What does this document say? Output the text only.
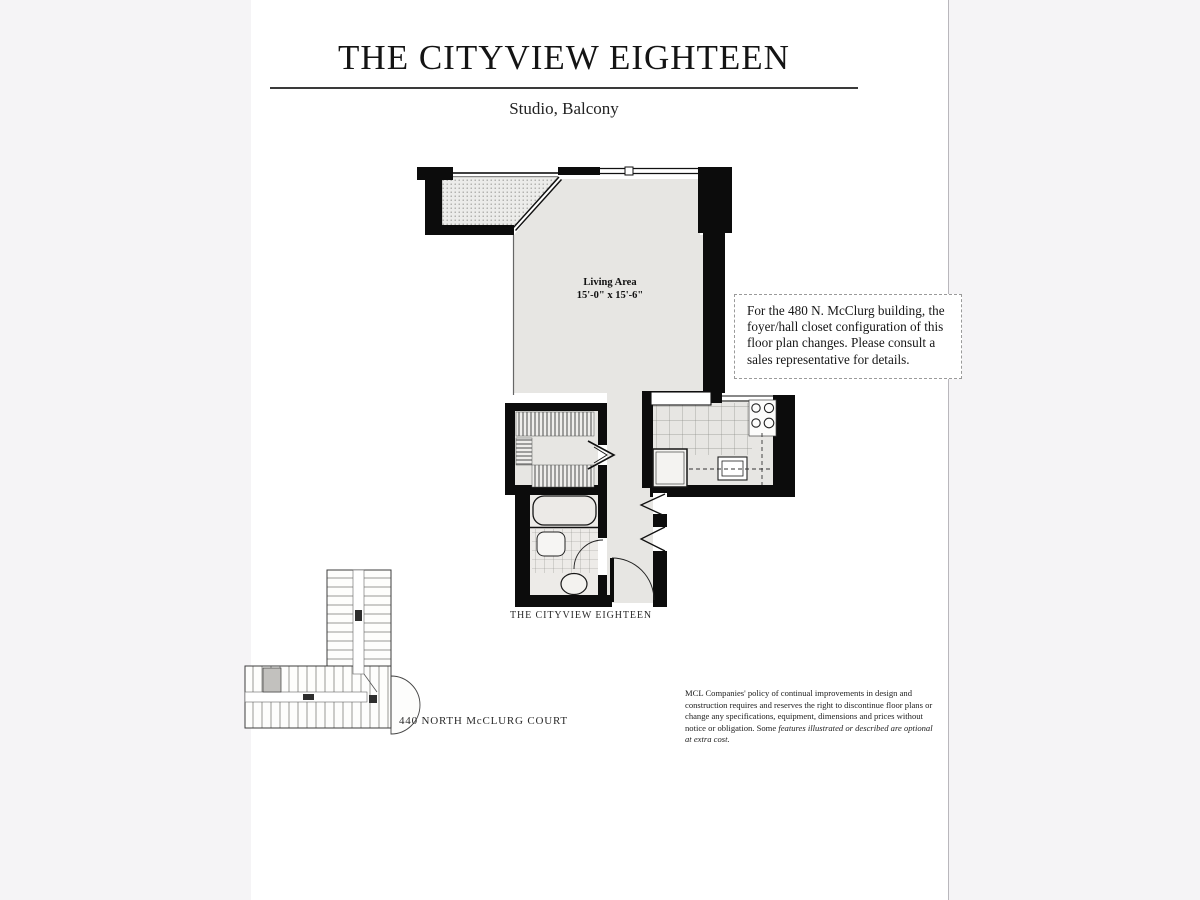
THE CITYVIEW EIGHTEEN
Studio, Balcony
Living Area
15'-0" x 15'-6"
For the 480 N. McClurg building, the foyer/hall closet configuration of this floor plan changes. Please consult a sales representative for details.
THE CITYVIEW EIGHTEEN
440 NORTH McCLURG COURT
MCL Companies' policy of continual improvements in design and construction requires and reserves the right to discontinue floor plans or change any specifications, equipment, dimensions and prices without notice or obligation. Some features illustrated or described are optional at extra cost.
